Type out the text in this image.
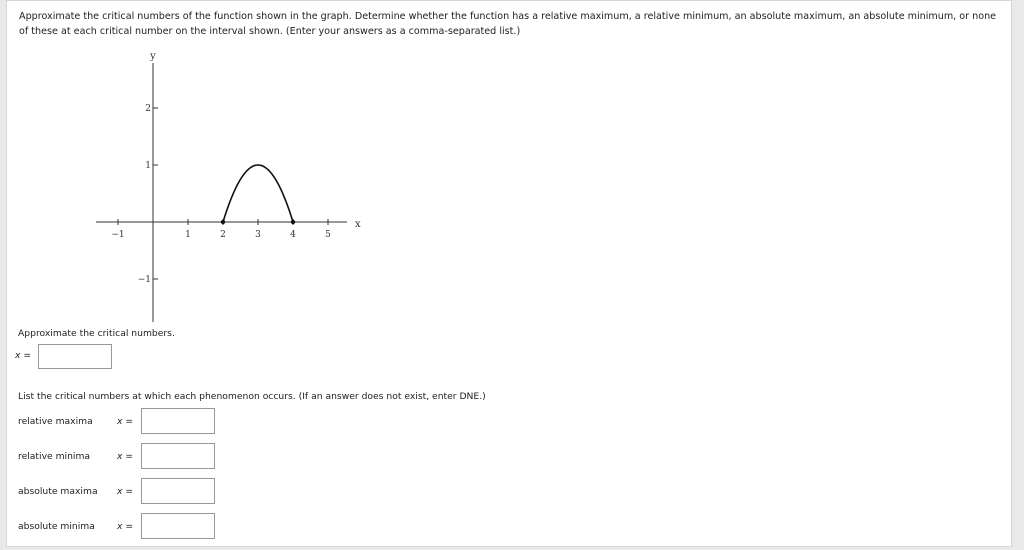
Approximate the critical numbers of the function shown in the graph. Determine whether the function has a relative maximum, a relative minimum, an absolute maximum, an absolute minimum, or none of these at each critical number on the interval shown. (Enter your answers as a comma-separated list.)
−1	1	2	3	4	5
2
1
−1
x
y
Approximate the critical numbers.
x =
List the critical numbers at which each phenomenon occurs. (If an answer does not exist, enter DNE.)
relative maxima	x =
relative minima	x =
absolute maxima x =
absolute minima x =
